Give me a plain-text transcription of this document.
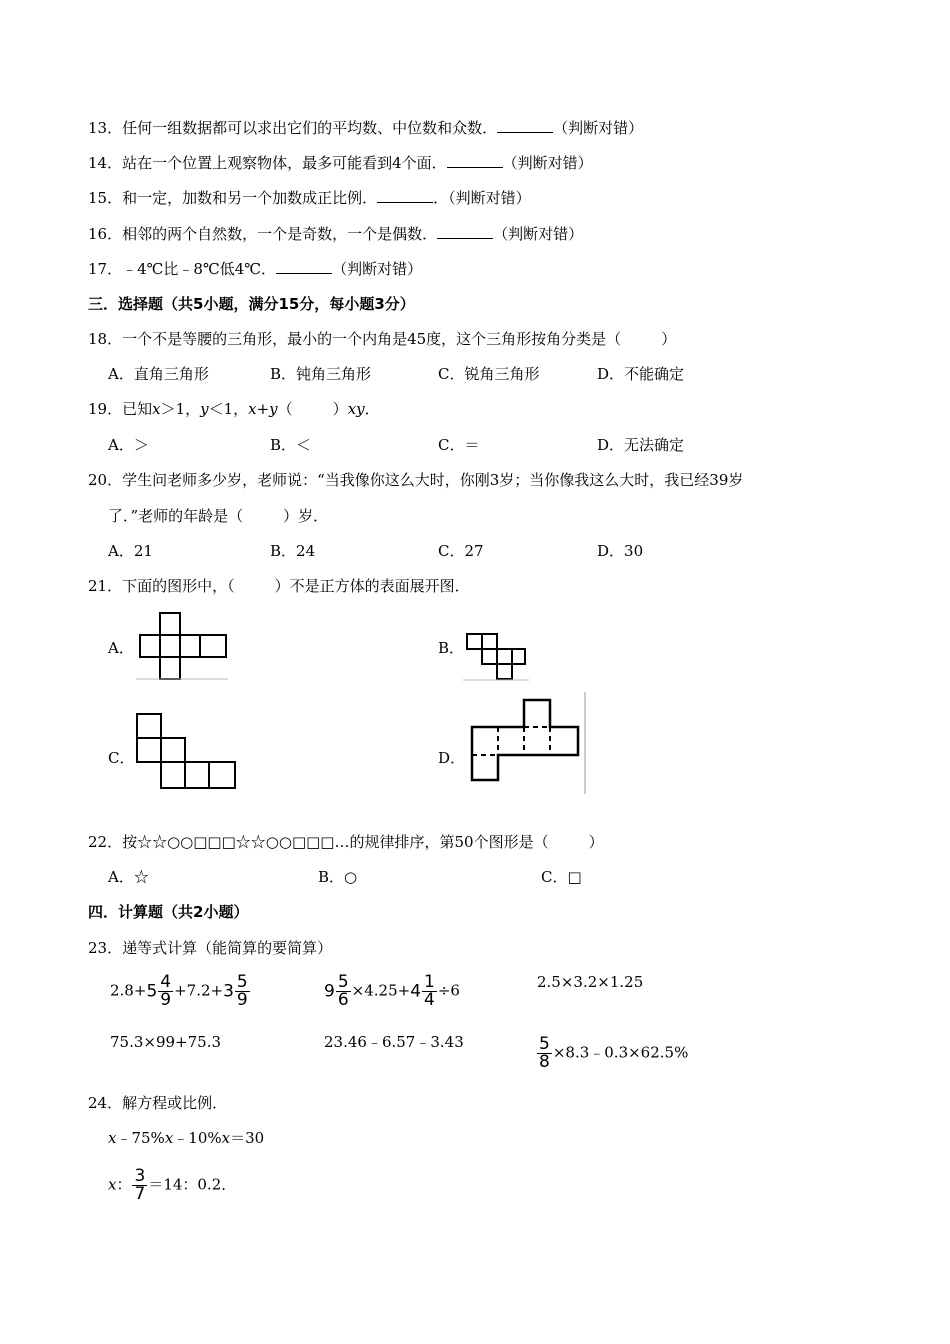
13．任何一组数据都可以求出它们的平均数、中位数和众数．	（判断对错）
14．站在一个位置上观察物体，最多可能看到4个面．	（判断对错）
15．和一定，加数和另一个加数成正比例．	．（判断对错）
16．相邻的两个自然数，一个是奇数，一个是偶数．	（判断对错）
17．﹣4℃比﹣8℃低4℃．	（判断对错）
三．选择题（共5小题，满分15分，每小题3分）
18．一个不是等腰的三角形，最小的一个内角是45度，这个三角形按角分类是（	）
A．直角三角形	B．钝角三角形	C．锐角三角形	D．不能确定
19．已知x＞1，y＜1，x+y（	）xy．
A．＞	B．＜	C．＝	D．无法确定
20．学生问老师多少岁，老师说：“当我像你这么大时，你刚3岁；当你像我这么大时，我已经39岁
了．”老师的年龄是（	）岁．
A．21	B．24	C．27	D．30
21．下面的图形中，（	）不是正方体的表面展开图．
A．	B．
C．	D．
22．按☆☆○○□□□☆☆○○□□□…的规律排序，第50个图形是（	）
A．☆	B．○	C．□
四．计算题（共2小题）
23．递等式计算（能简算的要简算）
$2.8+5 \frac{4}{9} +7.2+3 \frac{5}{9}$	$9 \frac{5}{6} \times 4.25+4 \frac{1}{4} \div 6$	2.5×3.2×1.25
75.3×99+75.3	23.46﹣6.57﹣3.43	$\frac{5}{8}$ ×8.3﹣0.3×62.5%
24．解方程或比例．
x﹣75%x﹣10%x＝30
x： $\frac{3}{7} =14$：0.2．
